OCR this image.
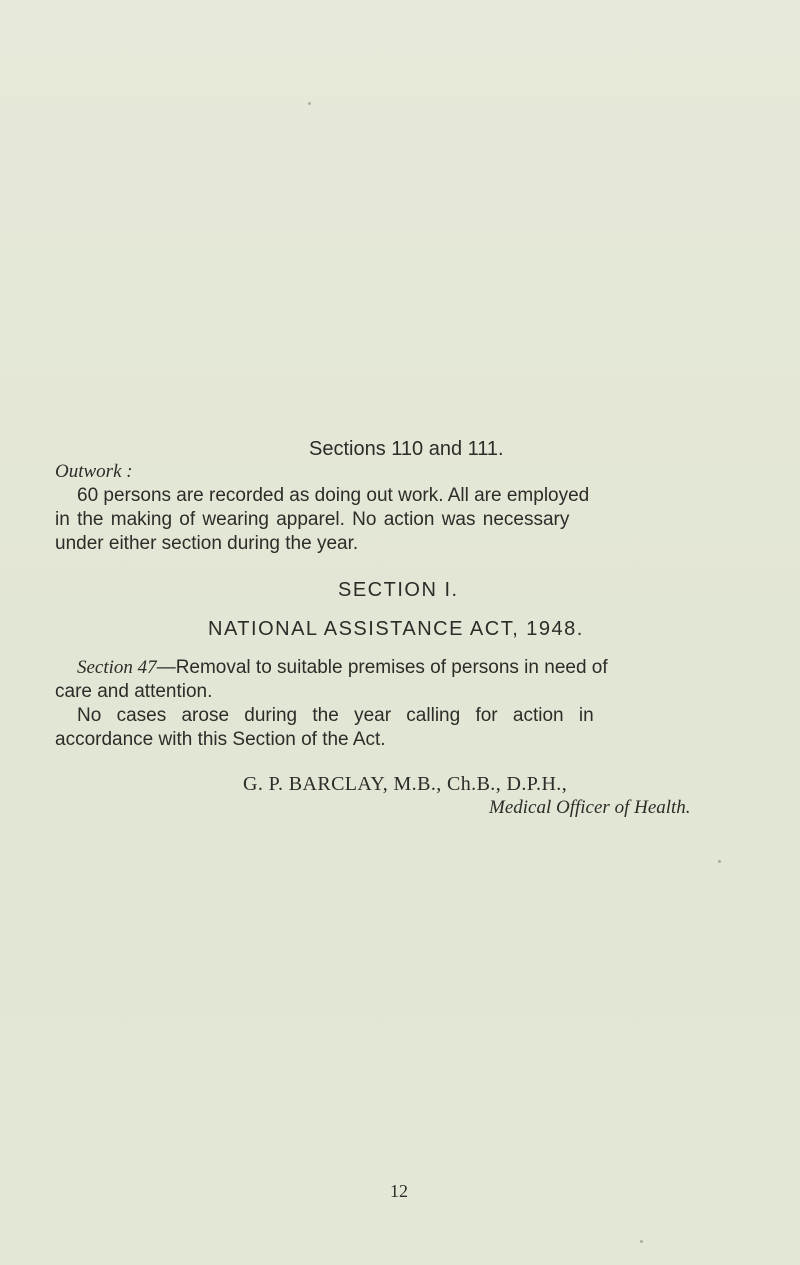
Sections 110 and 111.
Outwork :
60 persons are recorded as doing out work. All are employed
in the making of wearing apparel. No action was necessary
under either section during the year.
SECTION I.
NATIONAL ASSISTANCE ACT, 1948.
Section 47—Removal to suitable premises of persons in need of
care and attention.
No cases arose during the year calling for action in
accordance with this Section of the Act.
G. P. BARCLAY, M.B., Ch.B., D.P.H.,
Medical Officer of Health.
12
